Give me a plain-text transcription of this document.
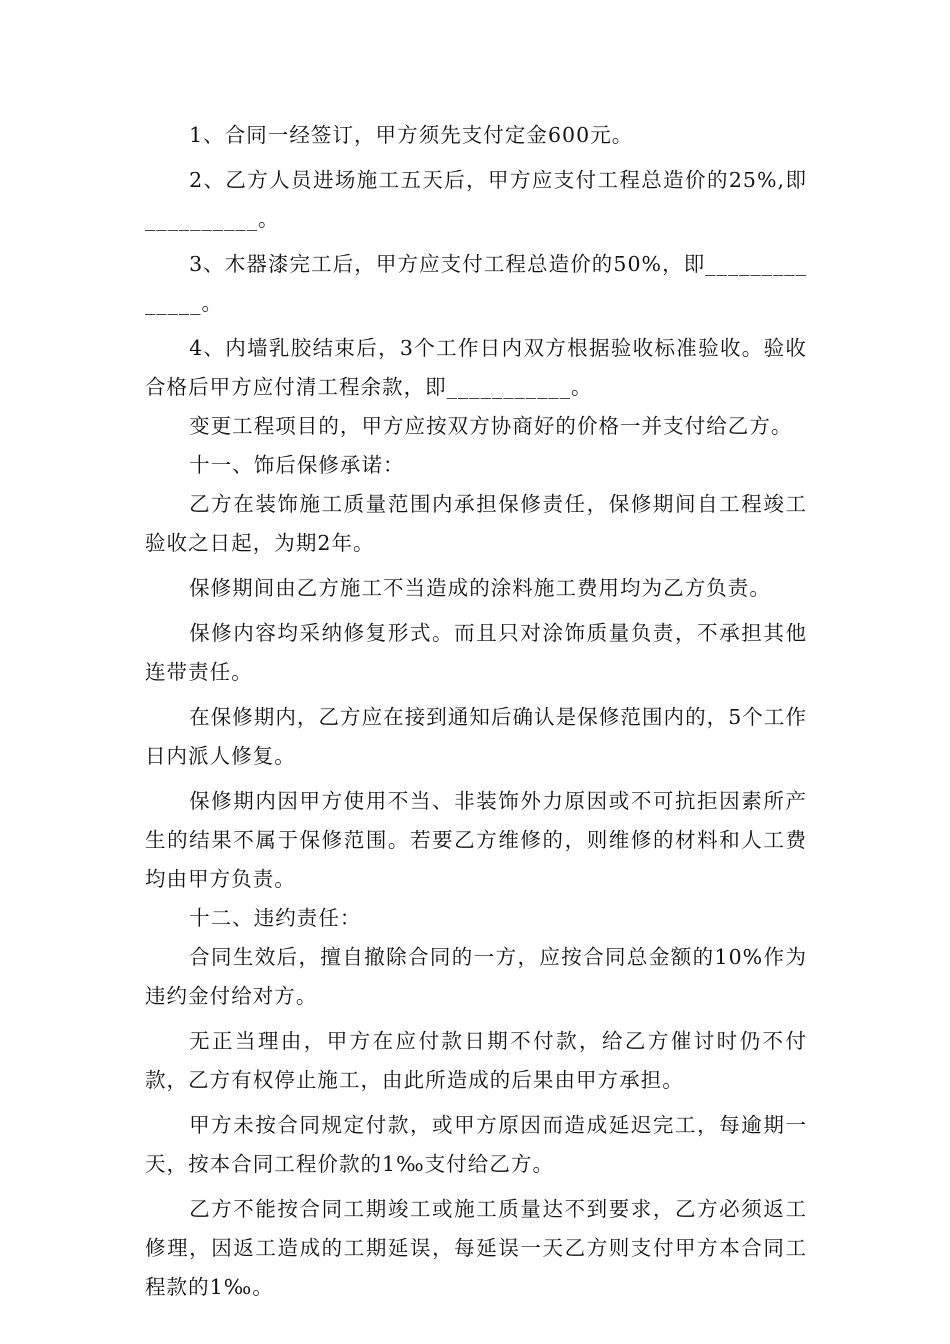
1、合同一经签订，甲方须先支付定金600元。

2、乙方人员进场施工五天后，甲方应支付工程总造价的25%,即__________。

3、木器漆完工后，甲方应支付工程总造价的50%，即______________。

4、内墙乳胶结束后，3个工作日内双方根据验收标准验收。验收合格后甲方应付清工程余款，即___________。

变更工程项目的，甲方应按双方协商好的价格一并支付给乙方。

十一、饰后保修承诺：

乙方在装饰施工质量范围内承担保修责任，保修期间自工程竣工验收之日起，为期2年。

保修期间由乙方施工不当造成的涂料施工费用均为乙方负责。

保修内容均采纳修复形式。而且只对涂饰质量负责，不承担其他连带责任。

在保修期内，乙方应在接到通知后确认是保修范围内的，5个工作日内派人修复。

保修期内因甲方使用不当、非装饰外力原因或不可抗拒因素所产生的结果不属于保修范围。若要乙方维修的，则维修的材料和人工费均由甲方负责。

十二、违约责任：

合同生效后，擅自撤除合同的一方，应按合同总金额的10%作为违约金付给对方。

无正当理由，甲方在应付款日期不付款，给乙方催讨时仍不付款，乙方有权停止施工，由此所造成的后果由甲方承担。

甲方未按合同规定付款，或甲方原因而造成延迟完工，每逾期一天，按本合同工程价款的1‰支付给乙方。

乙方不能按合同工期竣工或施工质量达不到要求，乙方必须返工修理，因返工造成的工期延误，每延误一天乙方则支付甲方本合同工程款的1‰。
